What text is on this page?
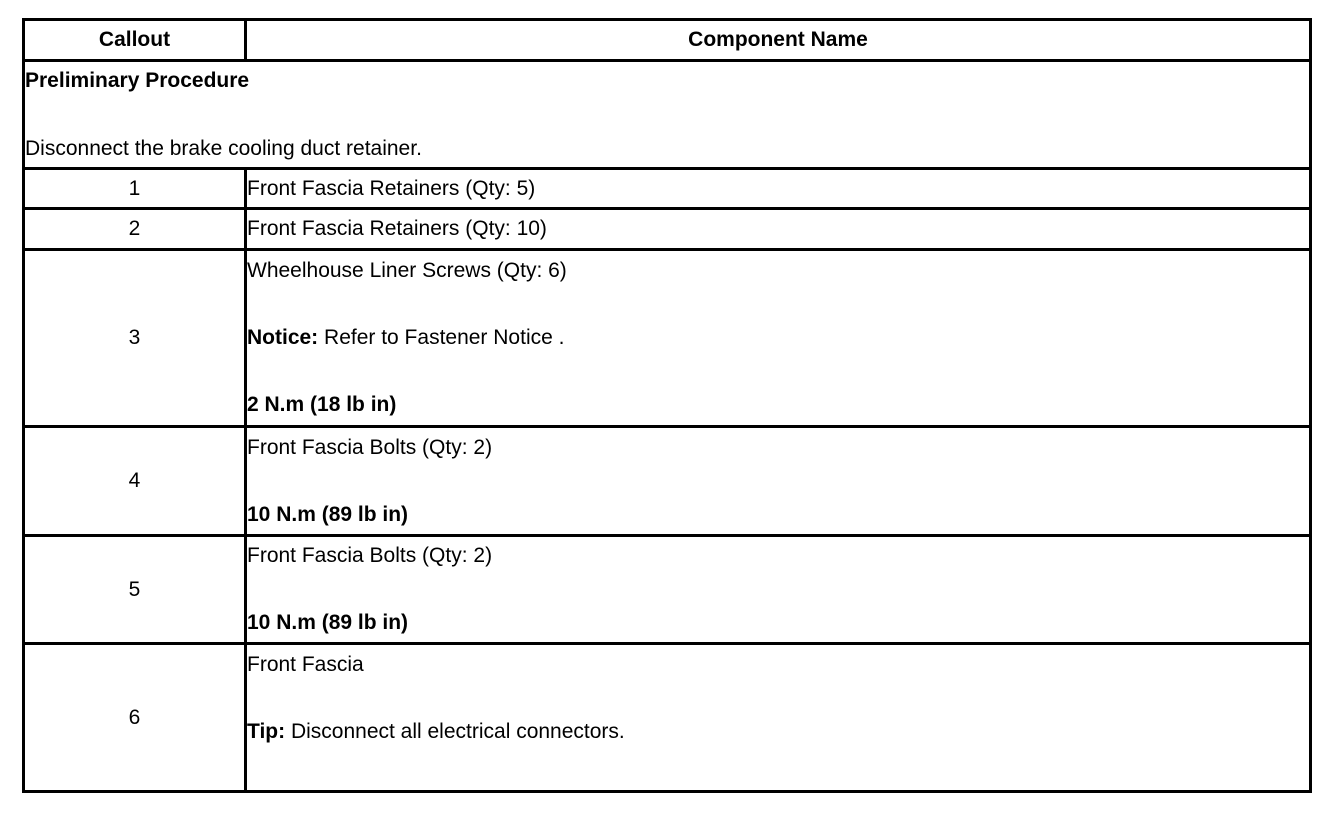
Callout	Component Name

Preliminary Procedure
Disconnect the brake cooling duct retainer.	

1	Front Fascia Retainers (Qty: 5)
2	Front Fascia Retainers (Qty: 10)
3	Wheelhouse Liner Screws (Qty: 6)
Notice: Refer to Fastener Notice .
2 N.m (18 lb in)

4	Front Fascia Bolts (Qty: 2)
10 N.m (89 lb in)

5	Front Fascia Bolts (Qty: 2)
10 N.m (89 lb in)

6	Front Fascia
Tip: Disconnect all electrical connectors.
